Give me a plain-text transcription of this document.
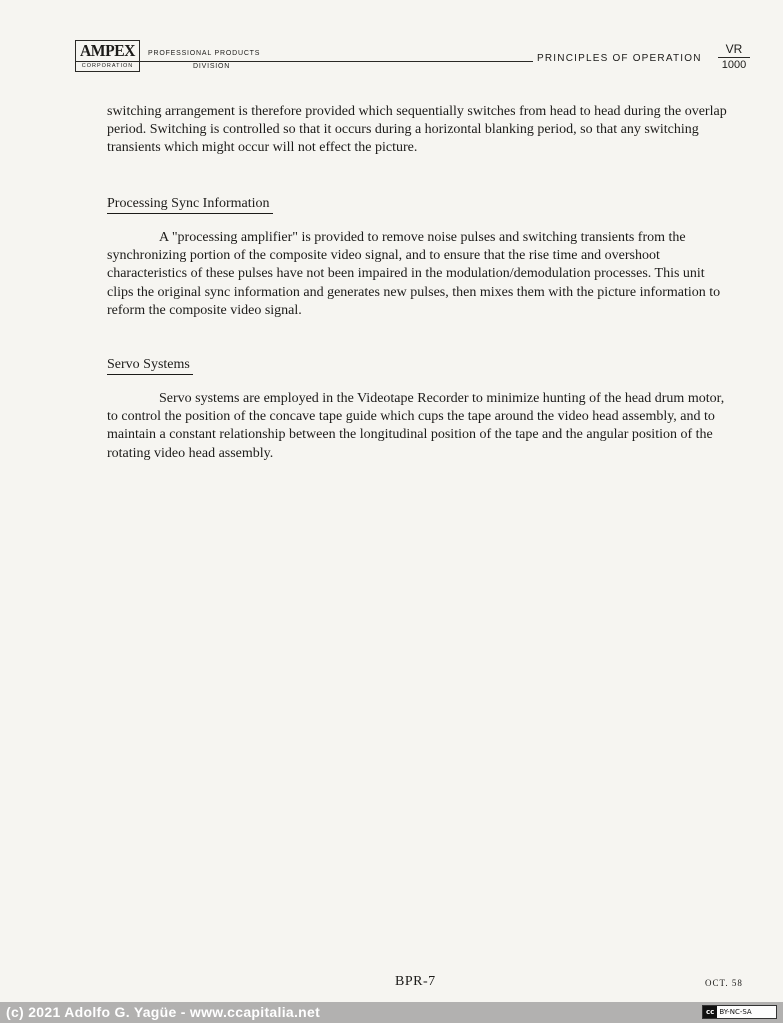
AMPEX
CORPORATION
PROFESSIONAL PRODUCTS
DIVISION
PRINCIPLES OF OPERATION
VR
1000

switching arrangement is therefore provided which sequentially switches from head to head during the overlap period. Switching is controlled so that it occurs during a horizontal blanking period, so that any switching transients which might occur will not effect the picture.

Processing Sync Information

A "processing amplifier" is provided to remove noise pulses and switching transients from the synchronizing portion of the composite video signal, and to ensure that the rise time and overshoot characteristics of these pulses have not been impaired in the modulation/demodulation processes. This unit clips the original sync information and generates new pulses, then mixes them with the picture information to reform the composite video signal.

Servo Systems

Servo systems are employed in the Videotape Recorder to minimize hunting of the head drum motor, to control the position of the concave tape guide which cups the tape around the video head assembly, and to maintain a constant relationship between the longitudinal position of the tape and the angular position of the rotating video head assembly.

BPR-7	OCT. 58
(c) 2021 Adolfo G. Yagüe - www.ccapitalia.net	cc BY-NC-SA
